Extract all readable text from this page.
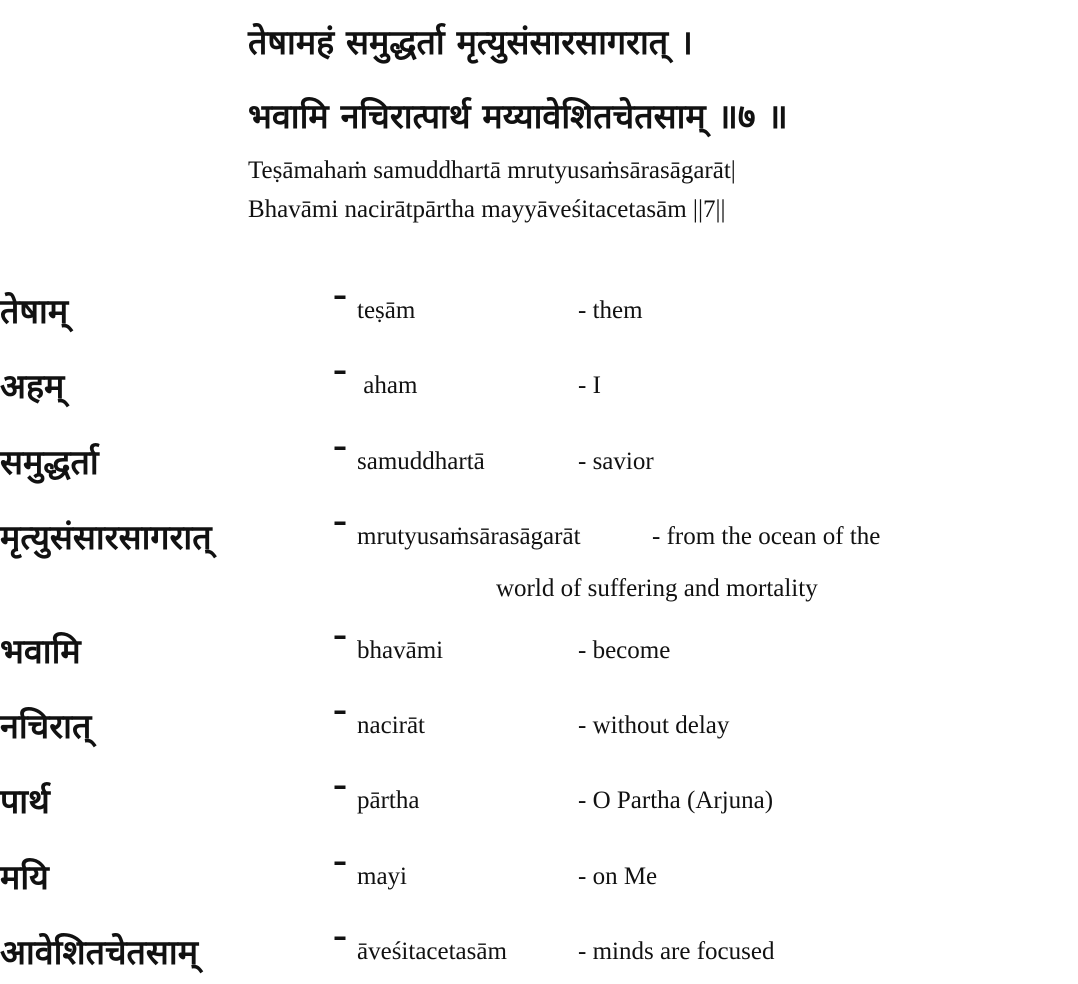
तेषामहं समुद्धर्ता मृत्युसंसारसागरात् ।
भवामि नचिरात्पार्थ मय्यावेशितचेतसाम् ॥७ ॥
Teṣāmahaṁ samuddhartā mrutyusaṁsārasāgarāt|
Bhavāmi nacirātpārtha mayyāveśitacetasām ||7||
तेषाम्	– teṣām	- them
अहम्	– aham	- I
समुद्धर्ता	– samuddhartā	- savior
मृत्युसंसारसागरात्	– mrutyusaṁsārasāgarāt	- from the ocean of the
world of suffering and mortality
भवामि	– bhavāmi	- become
नचिरात्	– nacirāt	- without delay
पार्थ	– pārtha	- O Partha (Arjuna)
मयि	– mayi	- on Me
आवेशितचेतसाम्	– āveśitacetasām	- minds are focused
